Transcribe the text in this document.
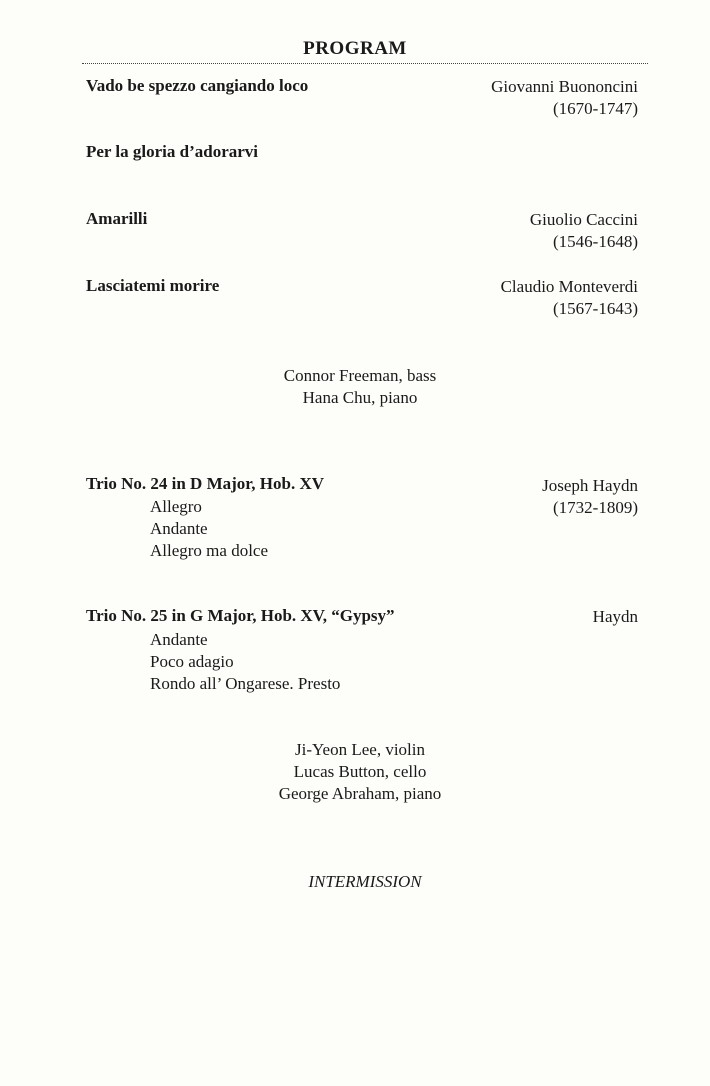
PROGRAM
Vado be spezzo cangiando loco	Giovanni Buononcini
(1670-1747)
Per la gloria d’adorarvi
Amarilli	Giuolio Caccini
(1546-1648)
Lasciatemi morire	Claudio Monteverdi
(1567-1643)
Connor Freeman, bass
Hana Chu, piano
Trio No. 24 in D Major, Hob. XV	Joseph Haydn
(1732-1809)
Allegro
Andante
Allegro ma dolce
Trio No. 25 in G Major, Hob. XV, “Gypsy”	Haydn
Andante
Poco adagio
Rondo all’ Ongarese. Presto
Ji-Yeon Lee, violin
Lucas Button, cello
George Abraham, piano
INTERMISSION
